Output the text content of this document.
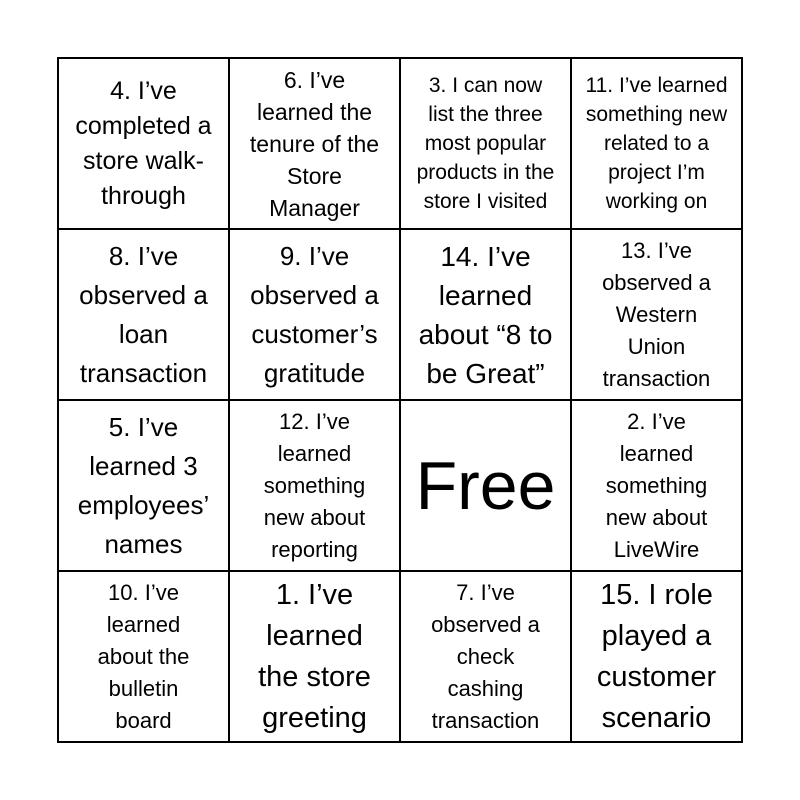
4. I’ve
completed a
store walk-
through
6. I’ve
learned the
tenure of the
Store
Manager
3. I can now
list the three
most popular
products in the
store I visited
11. I’ve learned
something new
related to a
project I’m
working on
8. I’ve
observed a
loan
transaction
9. I’ve
observed a
customer’s
gratitude
14. I’ve
learned
about “8 to
be Great”
13. I’ve
observed a
Western
Union
transaction
5. I’ve
learned 3
employees’
names
12. I’ve
learned
something
new about
reporting
Free
2. I’ve
learned
something
new about
LiveWire
10. I’ve
learned
about the
bulletin
board
1. I’ve
learned
the store
greeting
7. I’ve
observed a
check
cashing
transaction
15. I role
played a
customer
scenario
